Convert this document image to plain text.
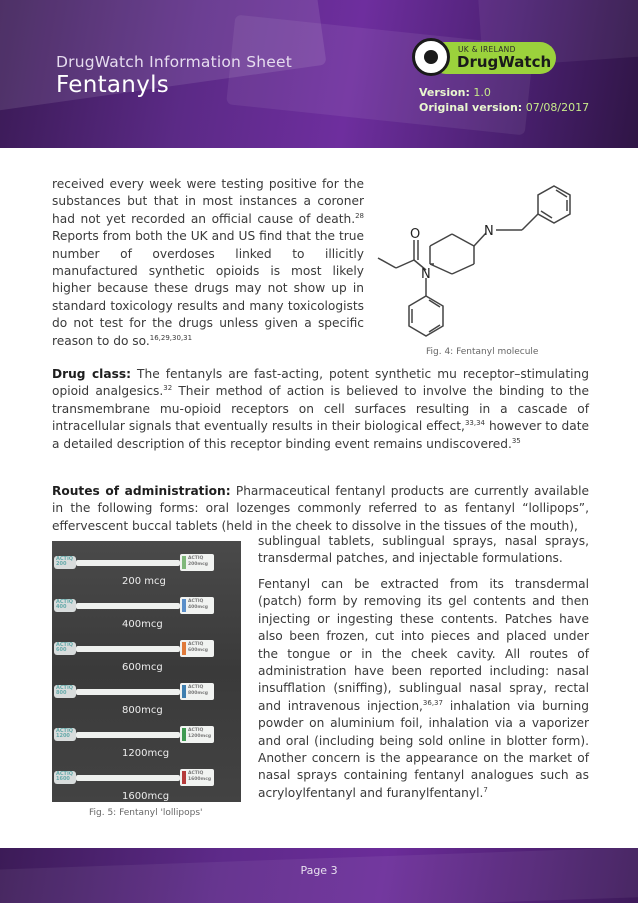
DrugWatch Information Sheet
Fentanyls
UK & IRELAND
DrugWatch
Version: 1.0
Original version: 07/08/2017
received every week were testing positive for the substances but that in most instances a coroner had not yet recorded an official cause of death.$^{28}$ Reports from both the UK and US find that the true number of overdoses linked to illicitly manufactured synthetic opioids is most likely higher because these drugs may not show up in standard toxicology results and many toxicologists do not test for the drugs unless given a specific reason to do so.$^{16,29,30,31}$
O
N
N
Fig. 4: Fentanyl molecule
Drug class: The fentanyls are fast-acting, potent synthetic mu receptor–stimulating opioid analgesics.$^{32}$ Their method of action is believed to involve the binding to the transmembrane mu-opioid receptors on cell surfaces resulting in a cascade of intracellular signals that eventually results in their biological effect,$^{33,34}$ however to date a detailed description of this receptor binding event remains undiscovered.$^{35}$
Routes of administration: Pharmaceutical fentanyl products are currently available in the following forms: oral lozenges commonly referred to as fentanyl “lollipops”, effervescent buccal tablets (held in the cheek to dissolve in the tissues of the mouth),
sublingual tablets, sublingual sprays, nasal sprays, transdermal patches, and injectable formulations.
Fentanyl can be extracted from its transdermal (patch) form by removing its gel contents and then injecting or ingesting these contents. Patches have also been frozen, cut into pieces and placed under the tongue or in the cheek cavity. All routes of administration have been reported including: nasal insufflation (sniffing), sublingual nasal spray, rectal and intravenous injection,$^{36,37}$ inhalation via burning powder on aluminium foil, inhalation via a vaporizer and oral (including being sold online in blotter form). Another concern is the appearance on the market of nasal sprays containing fentanyl analogues such as acryloylfentanyl and furanylfentanyl.$^7$
ACTIQ 200
ACTIQ 200mcg
200 mcg
ACTIQ 400
ACTIQ 400mcg
400mcg
ACTIQ 600
ACTIQ 600mcg
600mcg
ACTIQ 800
ACTIQ 800mcg
800mcg
ACTIQ 1200
ACTIQ 1200mcg
1200mcg
ACTIQ 1600
ACTIQ 1600mcg
1600mcg
Fig. 5: Fentanyl 'lollipops'
Page 3
